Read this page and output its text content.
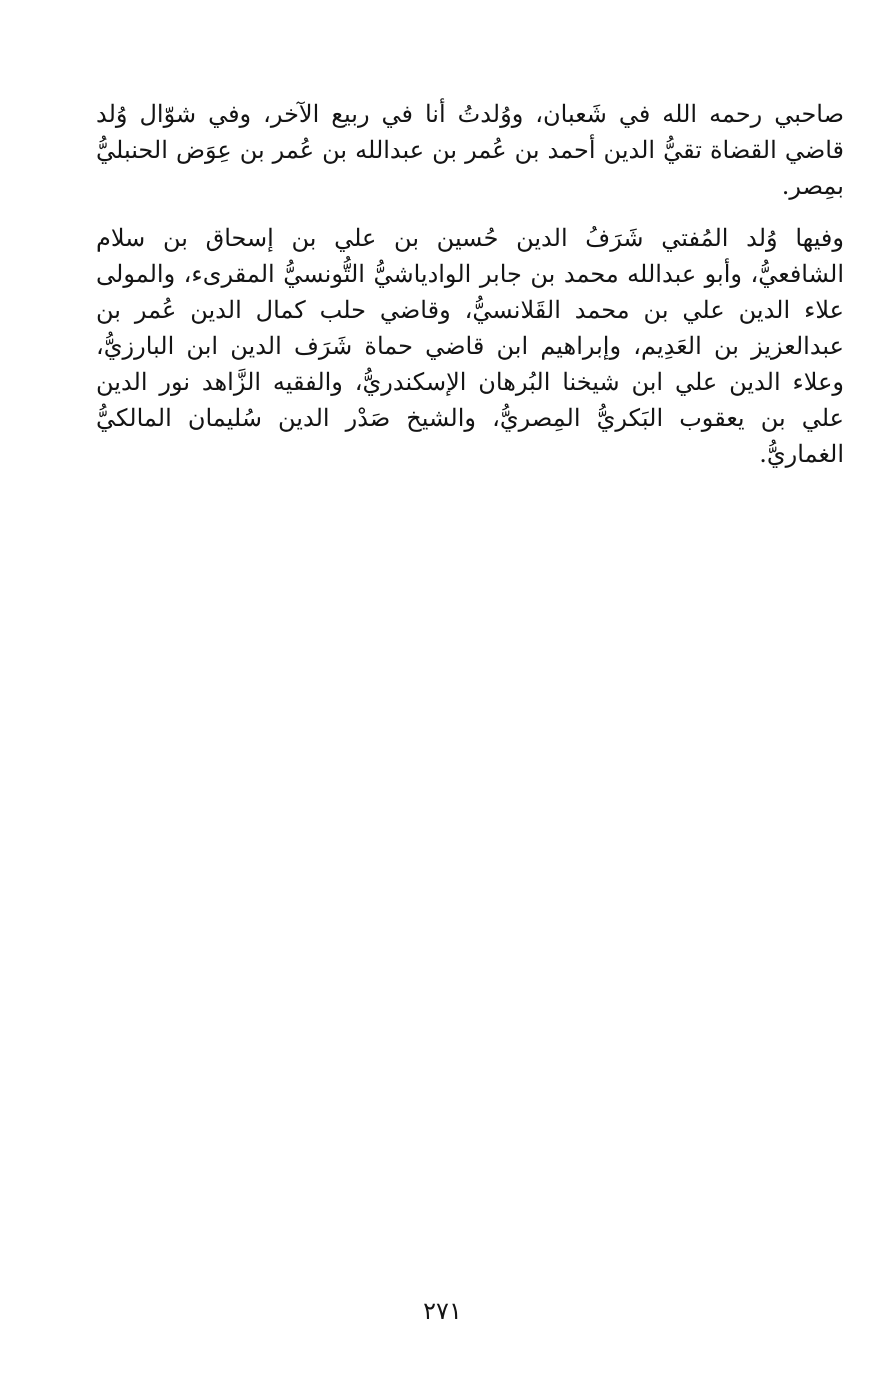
صاحبي رحمه الله في شَعبان، ووُلدتُ أنا في ربيع الآخر، وفي شوّال وُلد
قاضي القضاة تقيُّ الدين أحمد بن عُمر بن عبدالله بن عُمر بن عِوَض الحنبليُّ
بمِصر.
وفيها وُلد المُفتي شَرَفُ الدين حُسين بن علي بن إسحاق بن سلام
الشافعيُّ، وأبو عبدالله محمد بن جابر الوادياشيُّ التُّونسيُّ المقرىء، والمولى
علاء الدين علي بن محمد القَلانسيُّ، وقاضي حلب كمال الدين عُمر بن
عبدالعزيز بن العَدِيم، وإبراهيم ابن قاضي حماة شَرَف الدين ابن البارزيُّ،
وعلاء الدين علي ابن شيخنا البُرهان الإسكندريُّ، والفقيه الزَّاهد نور الدين
علي بن يعقوب البَكريُّ المِصريُّ، والشيخ صَدْر الدين سُليمان المالكيُّ
الغماريُّ.
٢٧١
